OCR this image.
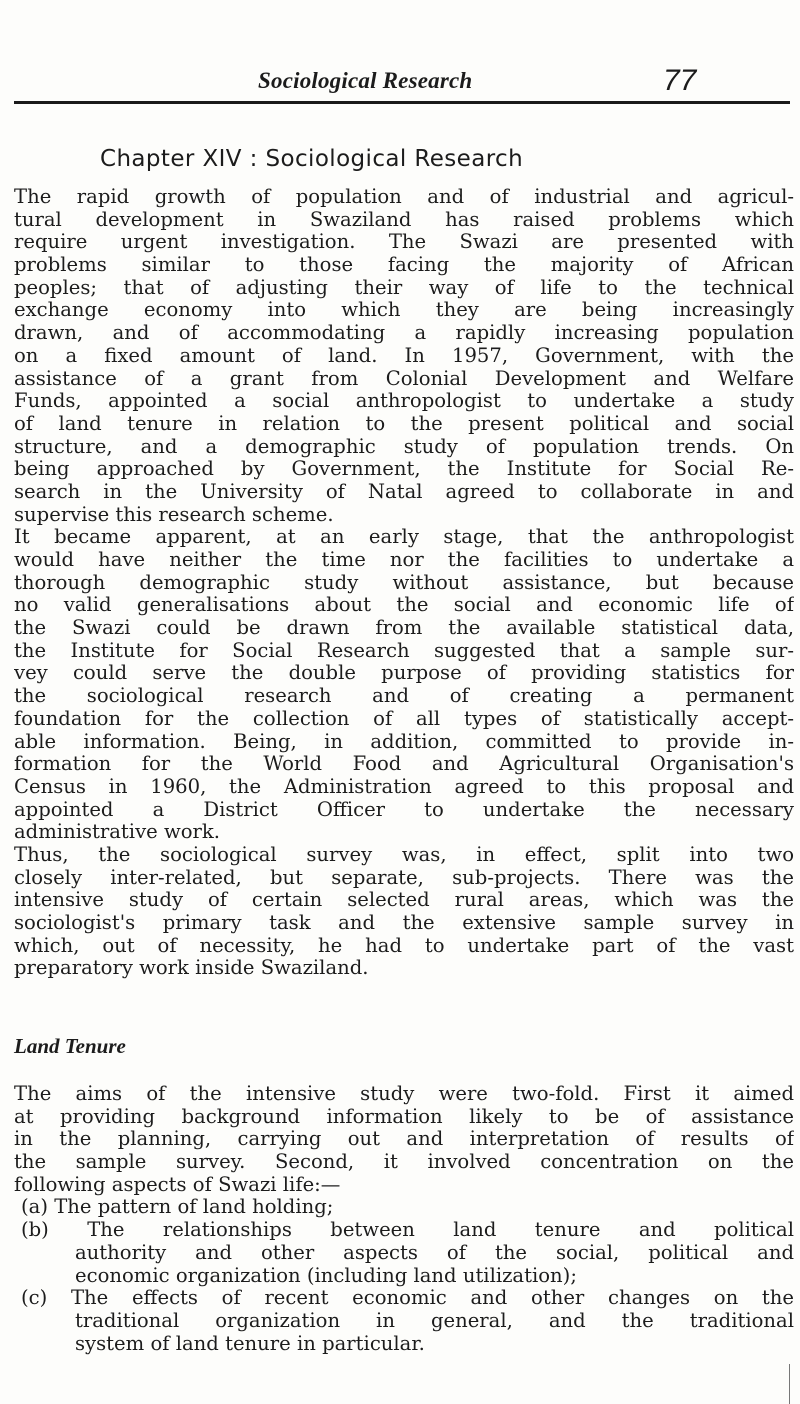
Sociological Research	77
Chapter XIV : Sociological Research
The rapid growth of population and of industrial and agricul-
tural development in Swaziland has raised problems which
require urgent investigation. The Swazi are presented with
problems similar to those facing the majority of African
peoples; that of adjusting their way of life to the technical
exchange economy into which they are being increasingly
drawn, and of accommodating a rapidly increasing population
on a fixed amount of land. In 1957, Government, with the
assistance of a grant from Colonial Development and Welfare
Funds, appointed a social anthropologist to undertake a study
of land tenure in relation to the present political and social
structure, and a demographic study of population trends. On
being approached by Government, the Institute for Social Re-
search in the University of Natal agreed to collaborate in and
supervise this research scheme.
It became apparent, at an early stage, that the anthropologist
would have neither the time nor the facilities to undertake a
thorough demographic study without assistance, but because
no valid generalisations about the social and economic life of
the Swazi could be drawn from the available statistical data,
the Institute for Social Research suggested that a sample sur-
vey could serve the double purpose of providing statistics for
the sociological research and of creating a permanent
foundation for the collection of all types of statistically accept-
able information. Being, in addition, committed to provide in-
formation for the World Food and Agricultural Organisation's
Census in 1960, the Administration agreed to this proposal and
appointed a District Officer to undertake the necessary
administrative work.
Thus, the sociological survey was, in effect, split into two
closely inter-related, but separate, sub-projects. There was the
intensive study of certain selected rural areas, which was the
sociologist's primary task and the extensive sample survey in
which, out of necessity, he had to undertake part of the vast
preparatory work inside Swaziland.
Land Tenure
The aims of the intensive study were two-fold. First it aimed
at providing background information likely to be of assistance
in the planning, carrying out and interpretation of results of
the sample survey. Second, it involved concentration on the
following aspects of Swazi life:—
(a) The pattern of land holding;
(b) The relationships between land tenure and political
authority and other aspects of the social, political and
economic organization (including land utilization);
(c) The effects of recent economic and other changes on the
traditional organization in general, and the traditional
system of land tenure in particular.
